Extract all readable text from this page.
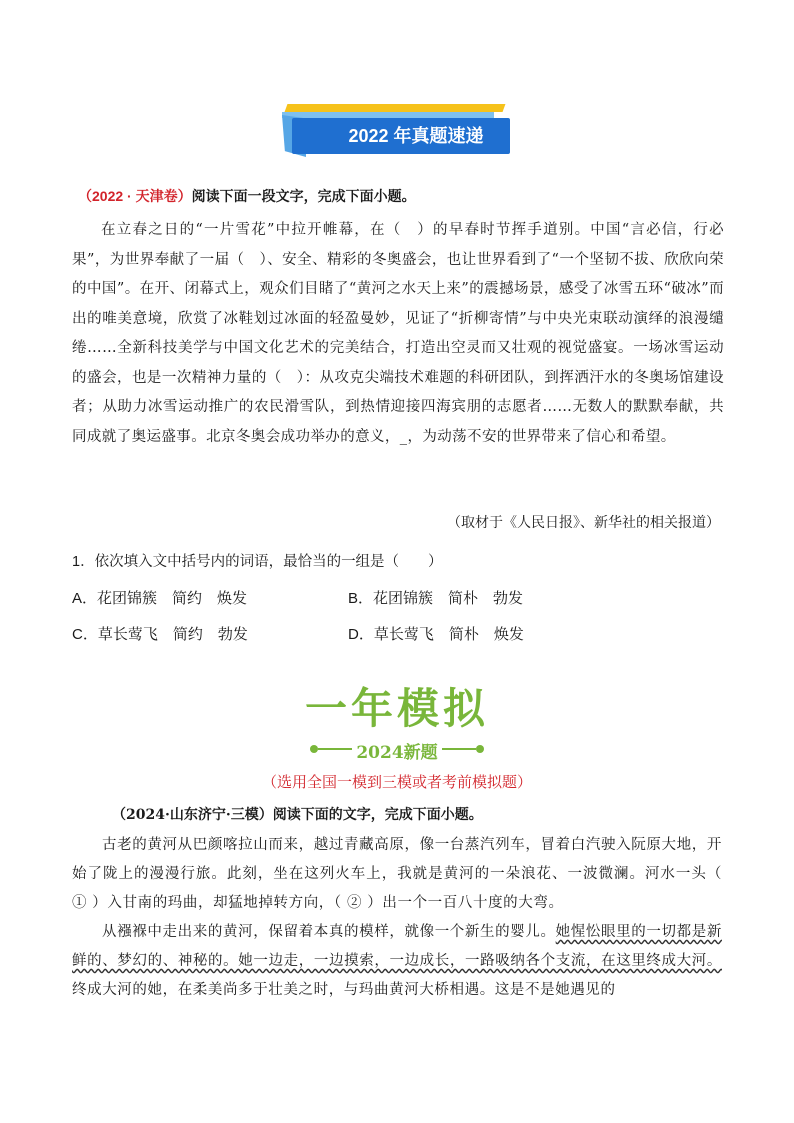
2022 年真题速递
（2022 · 天津卷）阅读下面一段文字，完成下面小题。

在立春之日的“一片雪花”中拉开帷幕，在（　）的早春时节挥手道别。中国“言必信，行必果”，为世界奉献了一届（　）、安全、精彩的冬奥盛会，也让世界看到了“一个坚韧不拔、欣欣向荣的中国”。在开、闭幕式上，观众们目睹了“黄河之水天上来”的震撼场景，感受了冰雪五环“破冰”而出的唯美意境，欣赏了冰鞋划过冰面的轻盈曼妙，见证了“折柳寄情”与中央光束联动演绎的浪漫缱绻……全新科技美学与中国文化艺术的完美结合，打造出空灵而又壮观的视觉盛宴。一场冰雪运动的盛会，也是一次精神力量的（　）：从攻克尖端技术难题的科研团队，到挥洒汗水的冬奥场馆建设者；从助力冰雪运动推广的农民滑雪队，到热情迎接四海宾朋的志愿者……无数人的默默奉献，共同成就了奥运盛事。北京冬奥会成功举办的意义，_，为动荡不安的世界带来了信心和希望。

（取材于《人民日报》、新华社的相关报道）
1．依次填入文中括号内的词语，最恰当的一组是（　　）
A．花团锦簇　简约　焕发	B．花团锦簇　简朴　勃发
C．草长莺飞　简约　勃发	D．草长莺飞　简朴　焕发
一年模拟
2024新题
（选用全国一模到三模或者考前模拟题）
（2024·山东济宁·三模）阅读下面的文字，完成下面小题。

古老的黄河从巴颜喀拉山而来，越过青藏高原，像一台蒸汽列车，冒着白汽驶入阮原大地，开始了陇上的漫漫行旅。此刻，坐在这列火车上，我就是黄河的一朵浪花、一波微澜。河水一头（ ① ）入甘南的玛曲，却猛地掉转方向，（ ② ）出一个一百八十度的大弯。

从襁褓中走出来的黄河，保留着本真的模样，就像一个新生的婴儿。她惺忪眼里的一切都是新鲜的、梦幻的、神秘的。她一边走，一边摸索，一边成长，一路吸纳各个支流，在这里终成大河。终成大河的她，在柔美尚多于壮美之时，与玛曲黄河大桥相遇。这是不是她遇见的
